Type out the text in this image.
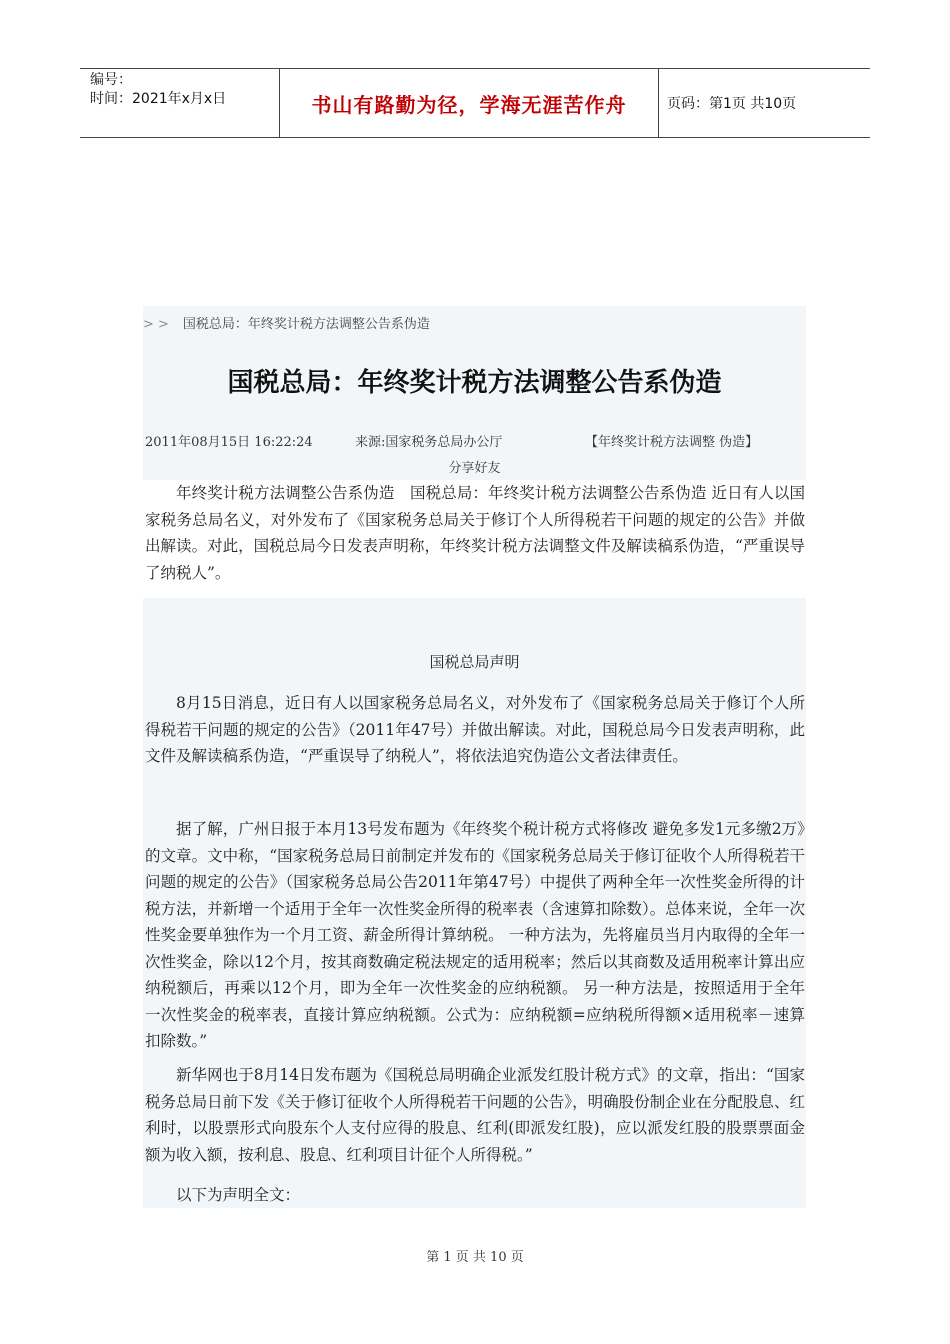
编号：
时间：2021年x月x日	书山有路勤为径，学海无涯苦作舟	页码：第1页 共10页
> > 国税总局：年终奖计税方法调整公告系伪造
国税总局：年终奖计税方法调整公告系伪造
2011年08月15日 16:22:24	来源:国家税务总局办公厅	【年终奖计税方法调整 伪造】
分享好友

年终奖计税方法调整公告系伪造　国税总局：年终奖计税方法调整公告系伪造 近日有人以国家税务总局名义，对外发布了《国家税务总局关于修订个人所得税若干问题的规定的公告》并做出解读。对此，国税总局今日发表声明称，年终奖计税方法调整文件及解读稿系伪造，“严重误导了纳税人”。

国税总局声明

8月15日消息，近日有人以国家税务总局名义，对外发布了《国家税务总局关于修订个人所得税若干问题的规定的公告》（2011年47号）并做出解读。对此，国税总局今日发表声明称，此文件及解读稿系伪造，“严重误导了纳税人”，将依法追究伪造公文者法律责任。

据了解，广州日报于本月13号发布题为《年终奖个税计税方式将修改 避免多发1元多缴2万》的文章。文中称，“国家税务总局日前制定并发布的《国家税务总局关于修订征收个人所得税若干问题的规定的公告》（国家税务总局公告2011年第47号）中提供了两种全年一次性奖金所得的计税方法，并新增一个适用于全年一次性奖金所得的税率表（含速算扣除数）。总体来说，全年一次性奖金要单独作为一个月工资、薪金所得计算纳税。 一种方法为，先将雇员当月内取得的全年一次性奖金，除以12个月，按其商数确定税法规定的适用税率；然后以其商数及适用税率计算出应纳税额后，再乘以12个月，即为全年一次性奖金的应纳税额。 另一种方法是，按照适用于全年一次性奖金的税率表，直接计算应纳税额。公式为：应纳税额=应纳税所得额×适用税率－速算扣除数。”

新华网也于8月14日发布题为《国税总局明确企业派发红股计税方式》的文章，指出：“国家税务总局日前下发《关于修订征收个人所得税若干问题的公告》，明确股份制企业在分配股息、红利时，以股票形式向股东个人支付应得的股息、红利(即派发红股)，应以派发红股的股票票面金额为收入额，按利息、股息、红利项目计征个人所得税。”

以下为声明全文：

第 1 页 共 10 页
